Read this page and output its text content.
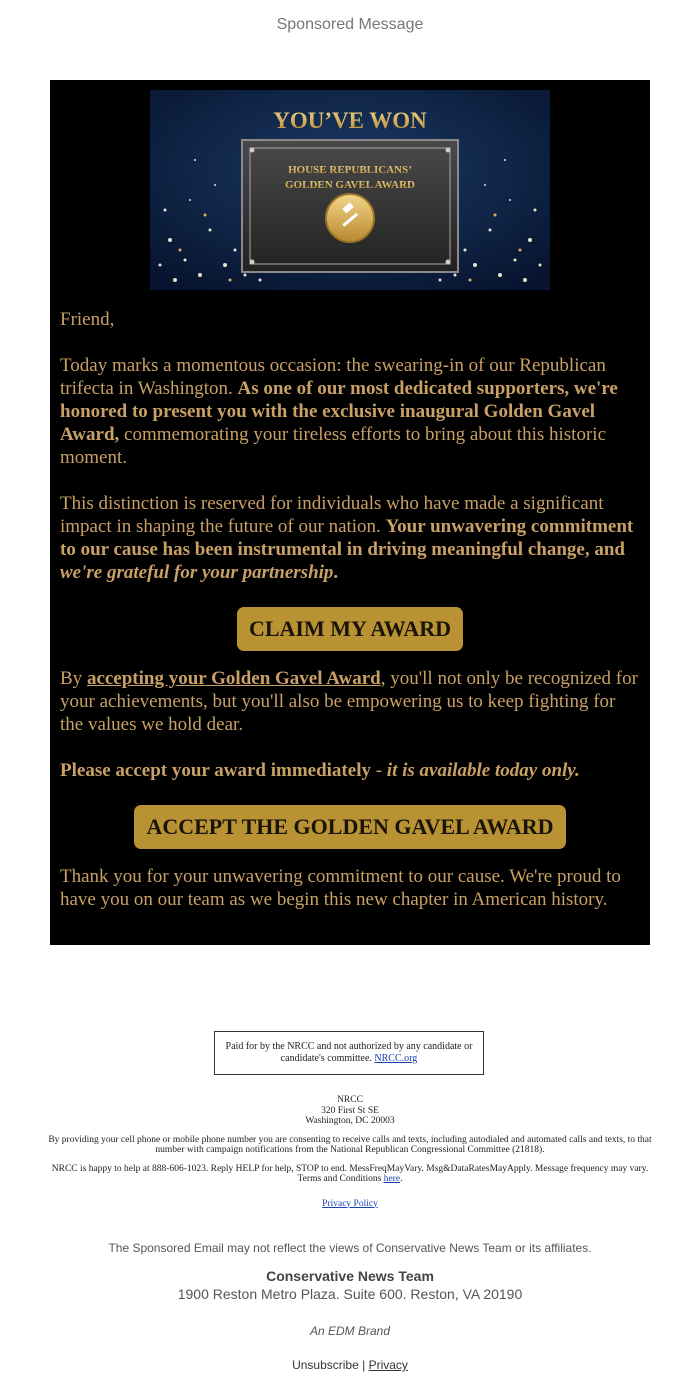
Sponsored Message
YOU’VE WON
HOUSE REPUBLICANS’
GOLDEN GAVEL AWARD

Friend,

Today marks a momentous occasion: the swearing-in of our Republican trifecta in Washington. As one of our most dedicated supporters, we're honored to present you with the exclusive inaugural Golden Gavel Award, commemorating your tireless efforts to bring about this historic moment.

This distinction is reserved for individuals who have made a significant impact in shaping the future of our nation. Your unwavering commitment to our cause has been instrumental in driving meaningful change, and we're grateful for your partnership.

CLAIM MY AWARD

By accepting your Golden Gavel Award, you'll not only be recognized for your achievements, but you'll also be empowering us to keep fighting for the values we hold dear.

Please accept your award immediately - it is available today only.

ACCEPT THE GOLDEN GAVEL AWARD

Thank you for your unwavering commitment to our cause. We're proud to have you on our team as we begin this new chapter in American history.

Paid for by the NRCC and not authorized by any candidate or candidate's committee. NRCC.org
NRCC
320 First St SE
Washington, DC 20003

By providing your cell phone or mobile phone number you are consenting to receive calls and texts, including autodialed and automated calls and texts, to that number with campaign notifications from the National Republican Congressional Committee (21818).

NRCC is happy to help at 888-606-1023. Reply HELP for help, STOP to end. MessFreqMayVary. Msg&DataRatesMayApply. Message frequency may vary. Terms and Conditions here.

Privacy Policy

The Sponsored Email may not reflect the views of Conservative News Team or its affiliates.
Conservative News Team
1900 Reston Metro Plaza. Suite 600. Reston, VA 20190
An EDM Brand
Unsubscribe | Privacy
